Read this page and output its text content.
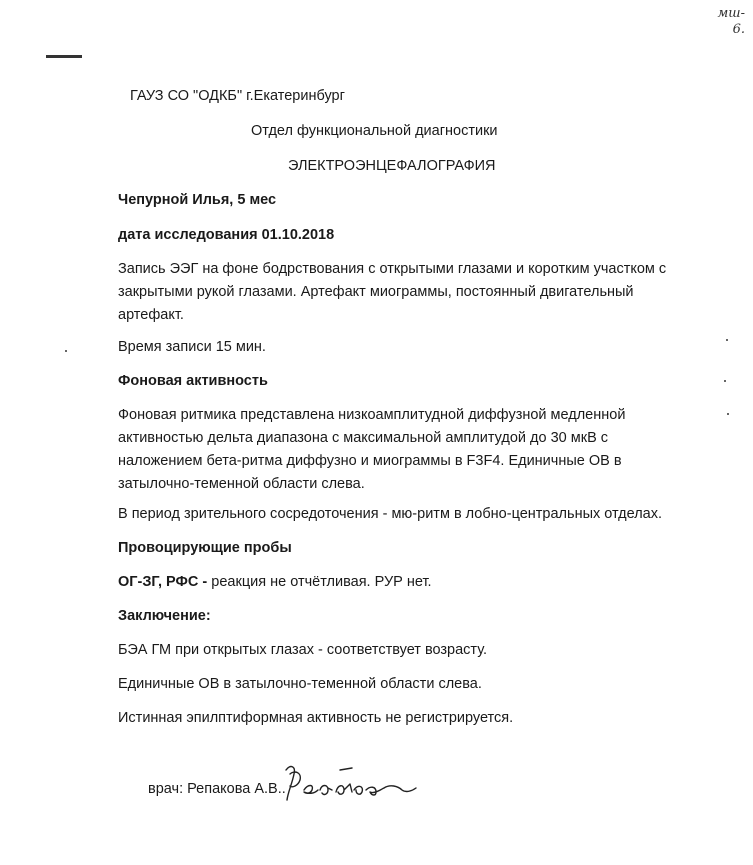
мш-
6.
ГАУЗ СО "ОДКБ" г.Екатеринбург
Отдел функциональной диагностики
ЭЛЕКТРОЭНЦЕФАЛОГРАФИЯ
Чепурной Илья, 5 мес
дата исследования 01.10.2018
Запись ЭЭГ на фоне бодрствования с открытыми глазами и коротким участком с закрытыми рукой глазами. Артефакт миограммы, постоянный двигательный артефакт.
Время записи 15 мин.
Фоновая активность
Фоновая ритмика представлена низкоамплитудной диффузной медленной активностью дельта диапазона с максимальной амплитудой до 30 мкВ с наложением бета-ритма диффузно и миограммы в F3F4. Единичные ОВ в затылочно-теменной области слева.
В период зрительного сосредоточения - мю-ритм в лобно-центральных отделах.
Провоцирующие пробы
ОГ-ЗГ, РФС - реакция не отчётливая. РУР нет.
Заключение:
БЭА ГМ при открытых глазах - соответствует возрасту.
Единичные ОВ в затылочно-теменной области слева.
Истинная эпилптиформная активность не регистрируется.
врач: Репакова А.В..
